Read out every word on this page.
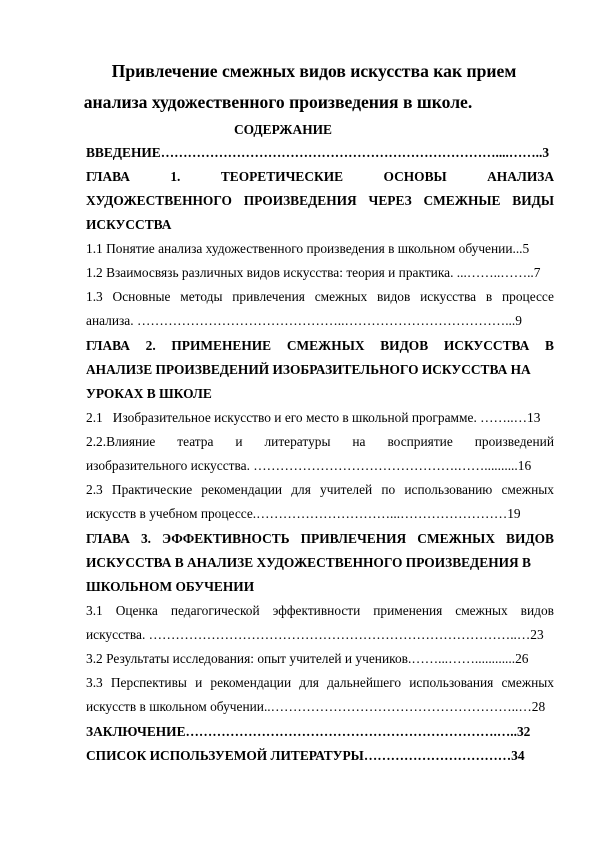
Привлечение смежных видов искусства как прием
анализа художественного произведения в школе.
СОДЕРЖАНИЕ
ВВЕДЕНИЕ…………………………………………………………………....……..3
ГЛАВА	1.	ТЕОРЕТИЧЕСКИЕ	ОСНОВЫ	АНАЛИЗА
ХУДОЖЕСТВЕННОГО ПРОИЗВЕДЕНИЯ ЧЕРЕЗ СМЕЖНЫЕ ВИДЫ
ИСКУССТВА
1.1 Понятие анализа художественного произведения в школьном обучении...5
1.2 Взаимосвязь различных видов искусства: теория и практика. ...……..……..7
1.3 Основные методы привлечения смежных видов искусства в процессе
анализа. ………………………………………..………………………………...9
ГЛАВА 2. ПРИМЕНЕНИЕ СМЕЖНЫХ ВИДОВ ИСКУССТВА В
АНАЛИЗЕ ПРОИЗВЕДЕНИЙ ИЗОБРАЗИТЕЛЬНОГО ИСКУССТВА НА
УРОКАХ В ШКОЛЕ
2.1   Изобразительное искусство и его место в школьной программе. ……..…13
2.2.Влияние театра и литературы на восприятие произведений
изобразительного искусства. ……………………………………….……..........16
2.3 Практические рекомендации для учителей по использованию смежных
искусств в учебном процессе.…………………………...……………………19
ГЛАВА 3. ЭФФЕКТИВНОСТЬ ПРИВЛЕЧЕНИЯ СМЕЖНЫХ ВИДОВ
ИСКУССТВА В АНАЛИЗЕ ХУДОЖЕСТВЕННОГО ПРОИЗВЕДЕНИЯ В
ШКОЛЬНОМ ОБУЧЕНИИ
3.1 Оценка педагогической эффективности применения смежных видов
искусства. ………………………………………………………………………..…23
3.2 Результаты исследования: опыт учителей и учеников.……...……............26
3.3 Перспективы и рекомендации для дальнейшего использования смежных
искусств в школьном обучении..………………………………………………..…28
ЗАКЛЮЧЕНИЕ…………………………………………………………….…..32
СПИСОК ИСПОЛЬЗУЕМОЙ ЛИТЕРАТУРЫ……………………………34
